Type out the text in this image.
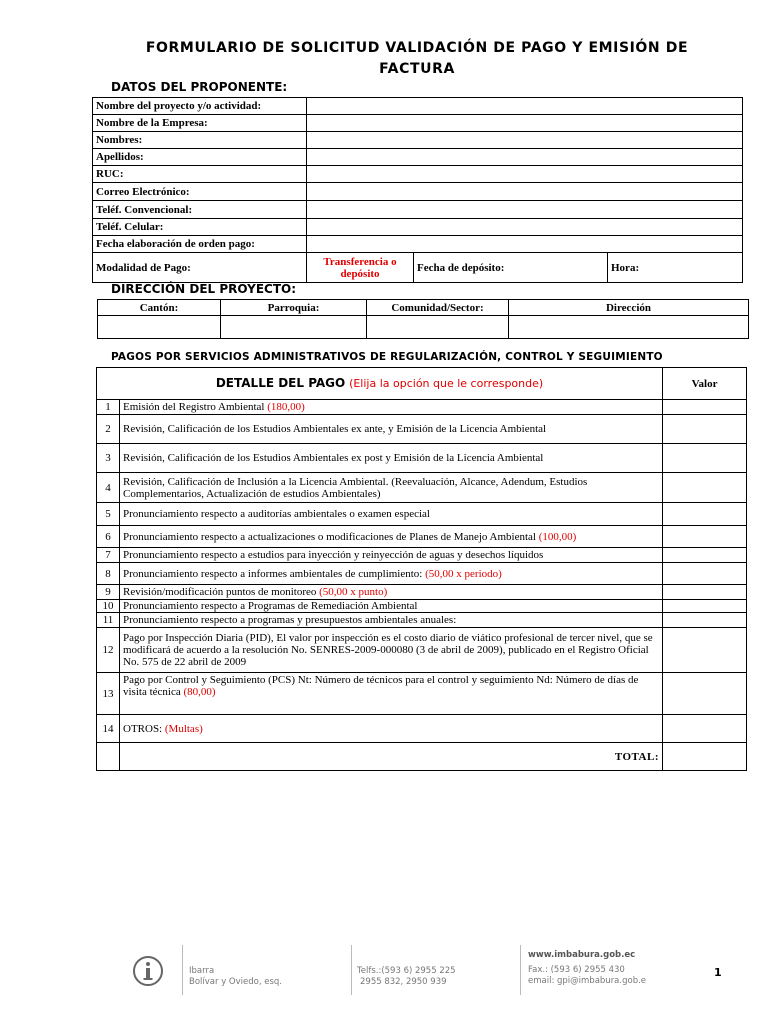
FORMULARIO DE SOLICITUD VALIDACIÓN DE PAGO Y EMISIÓN DE
FACTURA
DATOS DEL PROPONENTE:
Nombre del proyecto y/o actividad:			
Nombre de la Empresa:			
Nombres:			
Apellidos:			
RUC:			
Correo Electrónico:			
Teléf. Convencional:			
Teléf. Celular:			
Fecha elaboración de orden pago:			
Modalidad de Pago:	Transferencia o depósito	Fecha de depósito:	Hora:
DIRECCIÓN DEL PROYECTO:
Cantón:	Parroquia:	Comunidad/Sector:	Dirección

PAGOS POR SERVICIOS ADMINISTRATIVOS DE REGULARIZACIÓN, CONTROL Y SEGUIMIENTO
DETALLE DEL PAGO (Elija la opción que le corresponde)		Valor
1	Emisión del Registro Ambiental (180,00)	
2	Revisión, Calificación de los Estudios Ambientales ex ante, y Emisión de la Licencia Ambiental	
3	Revisión, Calificación de los Estudios Ambientales ex post y Emisión de la Licencia Ambiental	
4	Revisión, Calificación de Inclusión a la Licencia Ambiental. (Reevaluación, Alcance, Adendum, Estudios Complementarios, Actualización de estudios Ambientales)	
5	Pronunciamiento respecto a auditorías ambientales o examen especial	
6	Pronunciamiento respecto a actualizaciones o modificaciones de Planes de Manejo Ambiental (100,00)	
7	Pronunciamiento respecto a estudios para inyección y reinyección de aguas y desechos líquidos	
8	Pronunciamiento respecto a informes ambientales de cumplimiento: (50,00 x periodo)	
9	Revisión/modificación puntos de monitoreo (50,00 x punto)	
10	Pronunciamiento respecto a Programas de Remediación Ambiental	
11	Pronunciamiento respecto a programas y presupuestos ambientales anuales:	
12	Pago por Inspección Diaria (PID), El valor por inspección es el costo diario de viático profesional de tercer nivel, que se modificará de acuerdo a la resolución No. SENRES-2009-000080 (3 de abril de 2009), publicado en el Registro Oficial No. 575 de 22 abril de 2009	
13	Pago por Control y Seguimiento (PCS) Nt: Número de técnicos para el control y seguimiento Nd: Número de días de visita técnica (80,00)	
14	OTROS: (Multas)	
	TOTAL:	
Ibarra
Bolívar y Oviedo, esq.
Telfs.:(593 6) 2955 225
2955 832, 2950 939
www.imbabura.gob.ec
Fax.: (593 6) 2955 430
email: gpi@imbabura.gob.e
1
